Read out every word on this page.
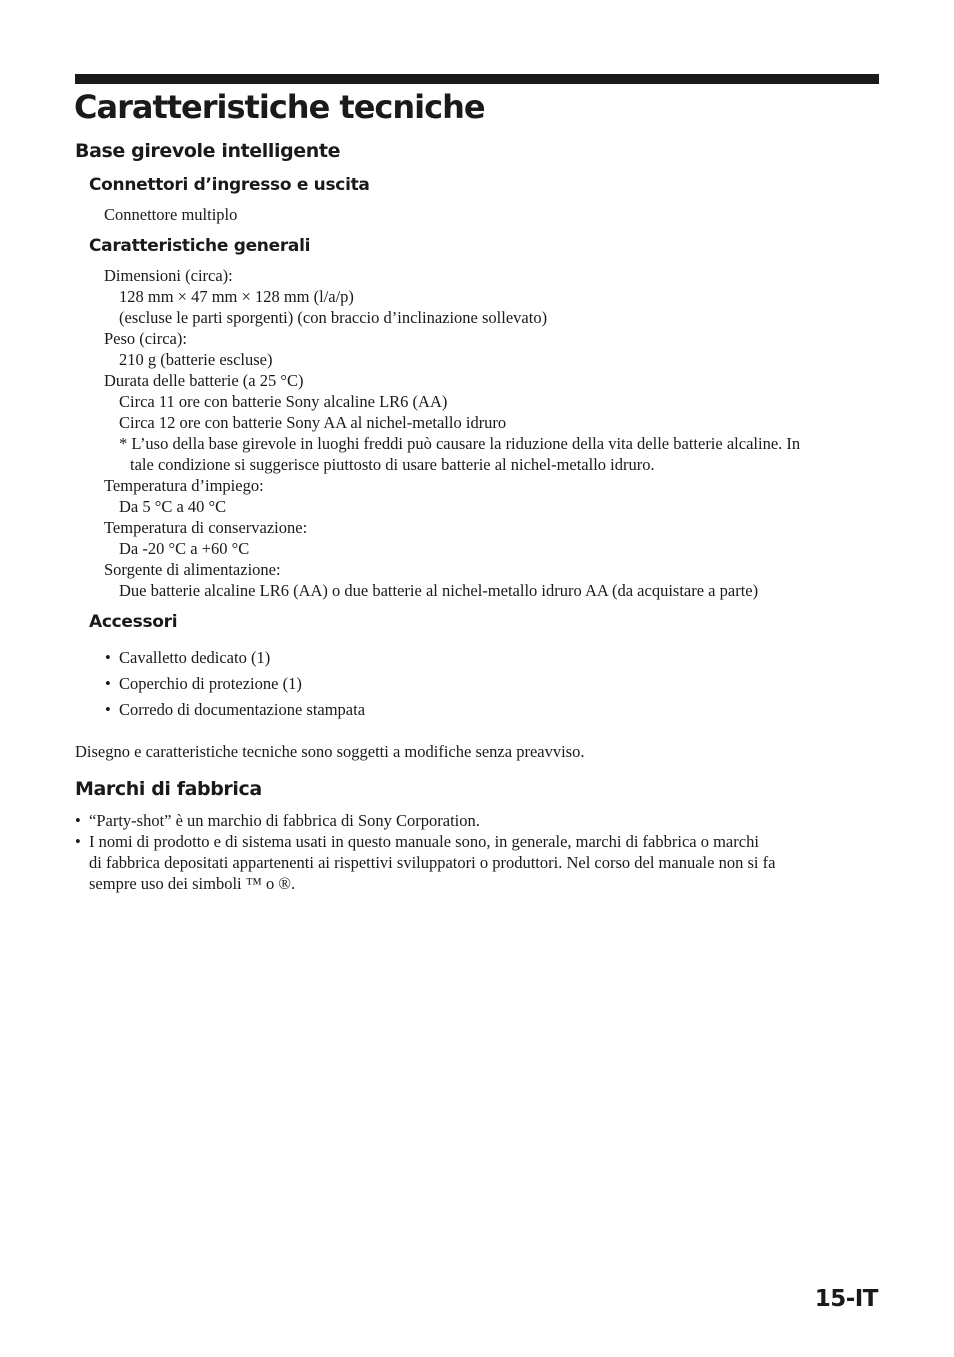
Caratteristiche tecniche
Base girevole intelligente
Connettori d’ingresso e uscita

Connettore multiplo

Caratteristiche generali

Dimensioni (circa):

128 mm × 47 mm × 128 mm (l/a/p)

(escluse le parti sporgenti) (con braccio d’inclinazione sollevato)

Peso (circa):

210 g (batterie escluse)

Durata delle batterie (a 25 °C)

Circa 11 ore con batterie Sony alcaline LR6 (AA)

Circa 12 ore con batterie Sony AA al nichel-metallo idruro

* L’uso della base girevole in luoghi freddi può causare la riduzione della vita delle batterie alcaline. In

tale condizione si suggerisce piuttosto di usare batterie al nichel-metallo idruro.

Temperatura d’impiego:

Da 5 °C a 40 °C

Temperatura di conservazione:

Da -20 °C a +60 °C

Sorgente di alimentazione:

Due batterie alcaline LR6 (AA) o due batterie al nichel-metallo idruro AA (da acquistare a parte)

Accessori
• Cavalletto dedicato (1)

• Coperchio di protezione (1)

• Corredo di documentazione stampata

Disegno e caratteristiche tecniche sono soggetti a modifiche senza preavviso.

Marchi di fabbrica
• “Party-shot” è un marchio di fabbrica di Sony Corporation.

• I nomi di prodotto e di sistema usati in questo manuale sono, in generale, marchi di fabbrica o marchi

di fabbrica depositati appartenenti ai rispettivi sviluppatori o produttori. Nel corso del manuale non si fa

sempre uso dei simboli ™ o ®.

15-IT
